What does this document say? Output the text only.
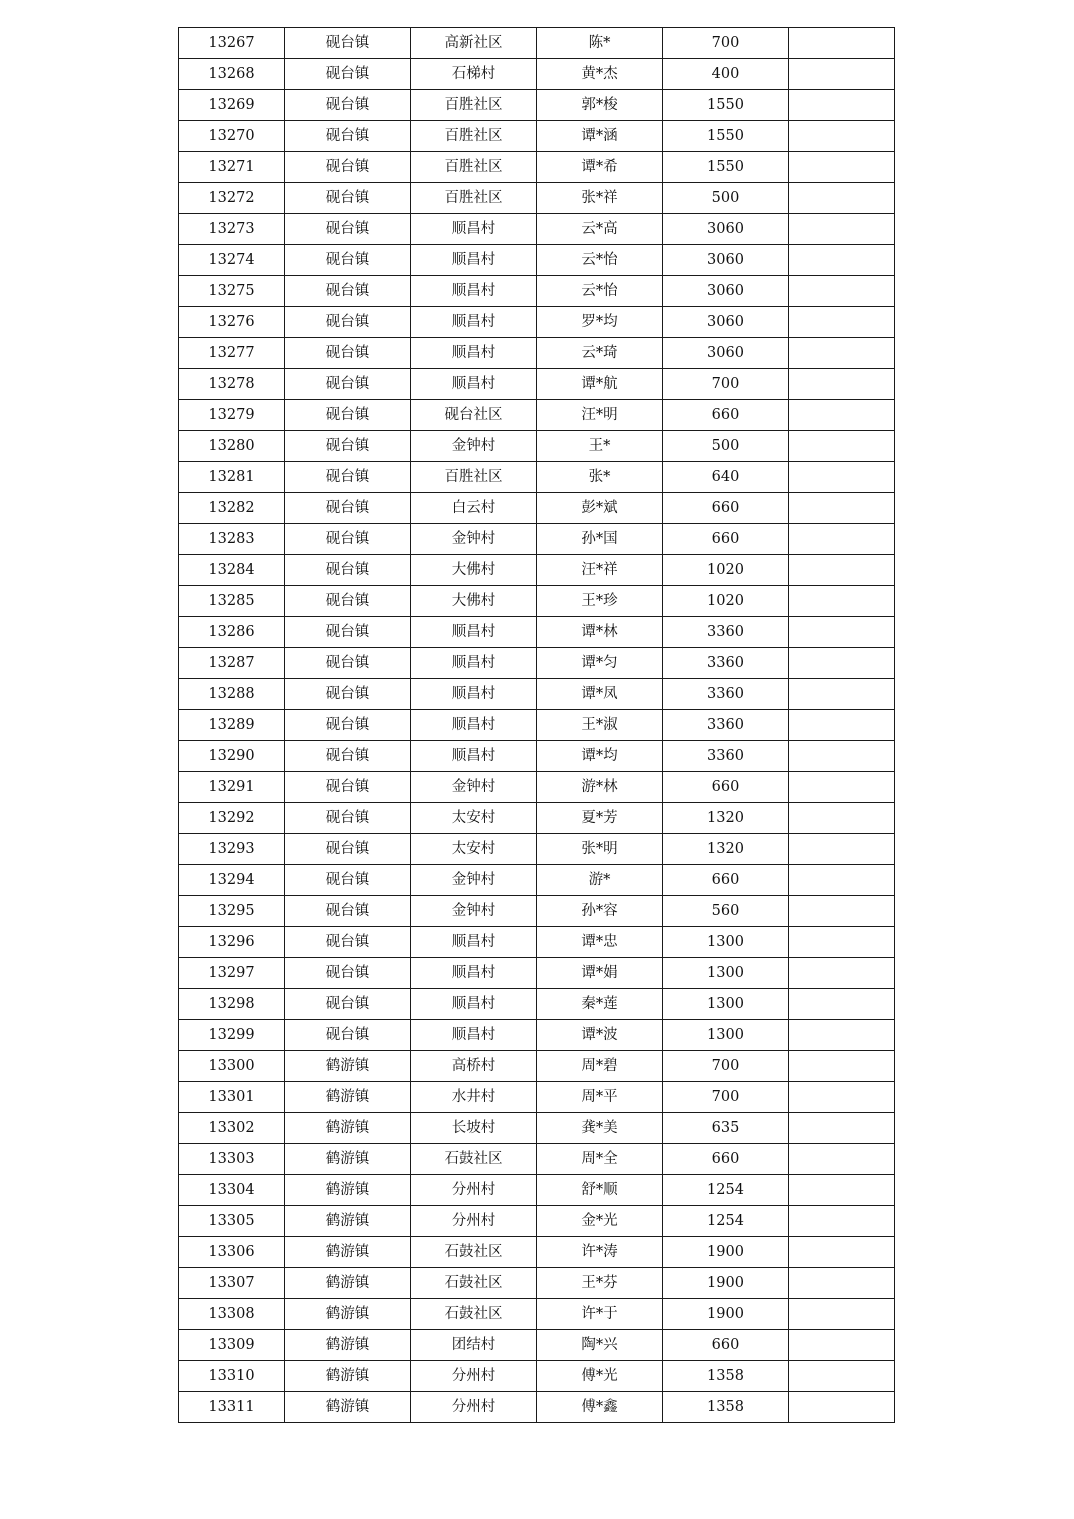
13267	砚台镇	高新社区	陈*	700	
13268	砚台镇	石梯村	黄*杰	400	
13269	砚台镇	百胜社区	郭*梭	1550	
13270	砚台镇	百胜社区	谭*涵	1550	
13271	砚台镇	百胜社区	谭*希	1550	
13272	砚台镇	百胜社区	张*祥	500	
13273	砚台镇	顺昌村	云*高	3060	
13274	砚台镇	顺昌村	云*怡	3060	
13275	砚台镇	顺昌村	云*怡	3060	
13276	砚台镇	顺昌村	罗*均	3060	
13277	砚台镇	顺昌村	云*琦	3060	
13278	砚台镇	顺昌村	谭*航	700	
13279	砚台镇	砚台社区	汪*明	660	
13280	砚台镇	金钟村	王*	500	
13281	砚台镇	百胜社区	张*	640	
13282	砚台镇	白云村	彭*斌	660	
13283	砚台镇	金钟村	孙*国	660	
13284	砚台镇	大佛村	汪*祥	1020	
13285	砚台镇	大佛村	王*珍	1020	
13286	砚台镇	顺昌村	谭*林	3360	
13287	砚台镇	顺昌村	谭*匀	3360	
13288	砚台镇	顺昌村	谭*凤	3360	
13289	砚台镇	顺昌村	王*淑	3360	
13290	砚台镇	顺昌村	谭*均	3360	
13291	砚台镇	金钟村	游*林	660	
13292	砚台镇	太安村	夏*芳	1320	
13293	砚台镇	太安村	张*明	1320	
13294	砚台镇	金钟村	游*	660	
13295	砚台镇	金钟村	孙*容	560	
13296	砚台镇	顺昌村	谭*忠	1300	
13297	砚台镇	顺昌村	谭*娟	1300	
13298	砚台镇	顺昌村	秦*莲	1300	
13299	砚台镇	顺昌村	谭*波	1300	
13300	鹤游镇	高桥村	周*碧	700	
13301	鹤游镇	水井村	周*平	700	
13302	鹤游镇	长坡村	龚*美	635	
13303	鹤游镇	石鼓社区	周*全	660	
13304	鹤游镇	分州村	舒*顺	1254	
13305	鹤游镇	分州村	金*光	1254	
13306	鹤游镇	石鼓社区	许*涛	1900	
13307	鹤游镇	石鼓社区	王*芬	1900	
13308	鹤游镇	石鼓社区	许*于	1900	
13309	鹤游镇	团结村	陶*兴	660	
13310	鹤游镇	分州村	傅*光	1358	
13311	鹤游镇	分州村	傅*鑫	1358	
